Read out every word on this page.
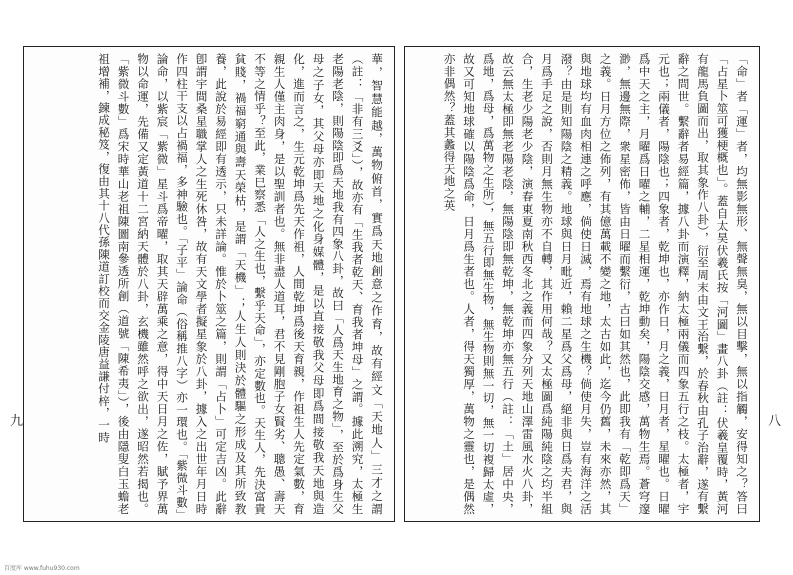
華，智慧能越，萬物俯首，實爲天地創意之作育，故有經文「天地人」三才之謂（註：「非有三爻」），故亦有「生我者乾天、育我者坤母」之謂。據此溯究，太極生老陽老陰，則陽陰即爲天地我有四象八卦，故曰「人爲天生地育之物」，至於爲身生父母之子女，其父母亦即天地之化身媒體，是以直接敬我父母即爲間接敬我天地與造化，進而言之，生元乾坤爲先天作祖，人間乾坤爲後天育親，作祖生人先定氣數，育親生人僅主肉身，是以聖訓者也。無非盡人道耳，君不見剛胞子女賢劣、聰愚、壽天不等之情乎？至此，業巳察悉「人之生也，繫乎天命」，亦定數也。天生人，先決富貴貧賤，禍福窮通與壽天榮枯，是謂「天機」；人生人則決於體驅之形成及其所致教養，此說於易經即有透示，只未詳論。惟於卜筮之篇，則謂「占卜」可定吉凶。此辭卽謂宇間桑星職掌人之生死休咎，故有天文學者擬星象於八卦，據入之出世年月日時作四柱干支以占禍福，多神驗也。「子平」論命（俗稱推八字）亦一環也。「紫微斗數」論命，以紫宸「紫微」星斗爲帝曜，取其天辟萬乘之意，得中天日月之佐，賦予界萬物以命運，先備又定黃道十二宮納天體於八卦，玄機雖然呼之欲出，遂昭然若揭也。「紫微斗數」爲宋時華山老祖陳圖南參透所創（道號「陳希夷」），後由隱叟白玉蟾老祖增補，鍊成秘笈，復由其十八代孫陳道訂校而交金陵唐益謙付梓，一時	「命」者「運」者，均無影無形、無聲無臭，無以目擊，無以指觸，安得知之？答曰「占星卜筮可獲梗概也」。蓋自太昊伏羲氏按「河圖」畫八卦（註：伏羲皇覆時，黃河有龍馬負圖而出，取其象作八卦），衍至周末由文王治繫，於春秋由孔子治辭，遂有繫辭之問世。繫辭者易經篇，據八卦而演釋，納太極兩儀而四象五行之枝。太極者，宇元也；兩儀者，陽陰也；四象者，乾坤也，亦作日，月之義，日月者，星曜也。日曜爲中天之主，月曜爲日曜之輔，二星相運，乾坤動矣，陽陰交感，萬物生焉。蒼穹邃渺，無邊無際，衆星密佈，皆由日曜而繫衍，古曰如其然也，此即我有「乾即爲天」之義。日月方位之佈列，有其億萬載不變之地，太古如此，迄今仍舊，未來亦然，其與地球均有血肉相連之呼應，倘使日滅，焉有地球之生機？倘使月失，豈有海洋之活潑？由是則知陽陰之精義。地球與日月毗近，賴二星爲父爲母，絕非與日爲夫君，與月爲手足之說，否則月無生物亦不自轉，其作用何哉？又太極圖爲純陽純陰之均半組合，生老少陽老少陰，演春東夏南秋西冬北之義而四象分列天地山澤雷風水火八卦，故云無太極即無老陽老陰，無陽陰即無乾坤，無乾坤亦無五行（註：「土」居中央，爲地，爲母，爲萬物之生所），無五行即無生物，無生物則無一切，無一切複歸太虛，故又可知地球確以陽陰爲命，日月爲生者也。人者，得天獨厚，萬物之靈也，是偶然亦非偶然？蓋其蠡得天地之英

九	八
百度库 www.fuhu930.com
